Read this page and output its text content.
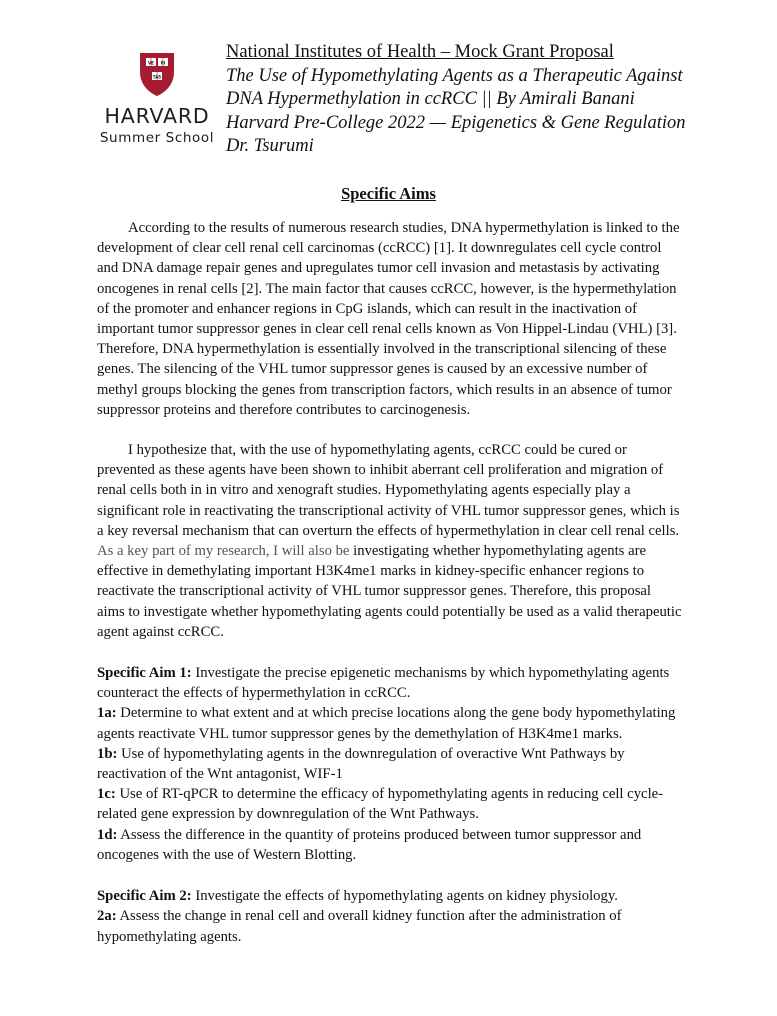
VE RI
TAS
HARVARD
Summer School
National Institutes of Health – Mock Grant Proposal
The Use of Hypomethylating Agents as a Therapeutic Against
DNA Hypermethylation in ccRCC || By Amirali Banani
Harvard Pre-College 2022 — Epigenetics & Gene Regulation
Dr. Tsurumi
Specific Aims

According to the results of numerous research studies, DNA hypermethylation is linked to the development of clear cell renal cell carcinomas (ccRCC) [1]. It downregulates cell cycle control and DNA damage repair genes and upregulates tumor cell invasion and metastasis by activating oncogenes in renal cells [2]. The main factor that causes ccRCC, however, is the hypermethylation of the promoter and enhancer regions in CpG islands, which can result in the inactivation of important tumor suppressor genes in clear cell renal cells known as Von Hippel-Lindau (VHL) [3]. Therefore, DNA hypermethylation is essentially involved in the transcriptional silencing of these genes. The silencing of the VHL tumor suppressor genes is caused by an excessive number of methyl groups blocking the genes from transcription factors, which results in an absence of tumor suppressor proteins and therefore contributes to carcinogenesis.

I hypothesize that, with the use of hypomethylating agents, ccRCC could be cured or prevented as these agents have been shown to inhibit aberrant cell proliferation and migration of renal cells both in in vitro and xenograft studies. Hypomethylating agents especially play a significant role in reactivating the transcriptional activity of VHL tumor suppressor genes, which is a key reversal mechanism that can overturn the effects of hypermethylation in clear cell renal cells. As a key part of my research, I will also be investigating whether hypomethylating agents are effective in demethylating important H3K4me1 marks in kidney-specific enhancer regions to reactivate the transcriptional activity of VHL tumor suppressor genes. Therefore, this proposal aims to investigate whether hypomethylating agents could potentially be used as a valid therapeutic agent against ccRCC.

Specific Aim 1: Investigate the precise epigenetic mechanisms by which hypomethylating agents counteract the effects of hypermethylation in ccRCC.
1a: Determine to what extent and at which precise locations along the gene body hypomethylating agents reactivate VHL tumor suppressor genes by the demethylation of H3K4me1 marks.
1b: Use of hypomethylating agents in the downregulation of overactive Wnt Pathways by reactivation of the Wnt antagonist, WIF-1
1c: Use of RT-qPCR to determine the efficacy of hypomethylating agents in reducing cell cycle-related gene expression by downregulation of the Wnt Pathways.
1d: Assess the difference in the quantity of proteins produced between tumor suppressor and oncogenes with the use of Western Blotting.
Specific Aim 2: Investigate the effects of hypomethylating agents on kidney physiology.
2a: Assess the change in renal cell and overall kidney function after the administration of hypomethylating agents.
